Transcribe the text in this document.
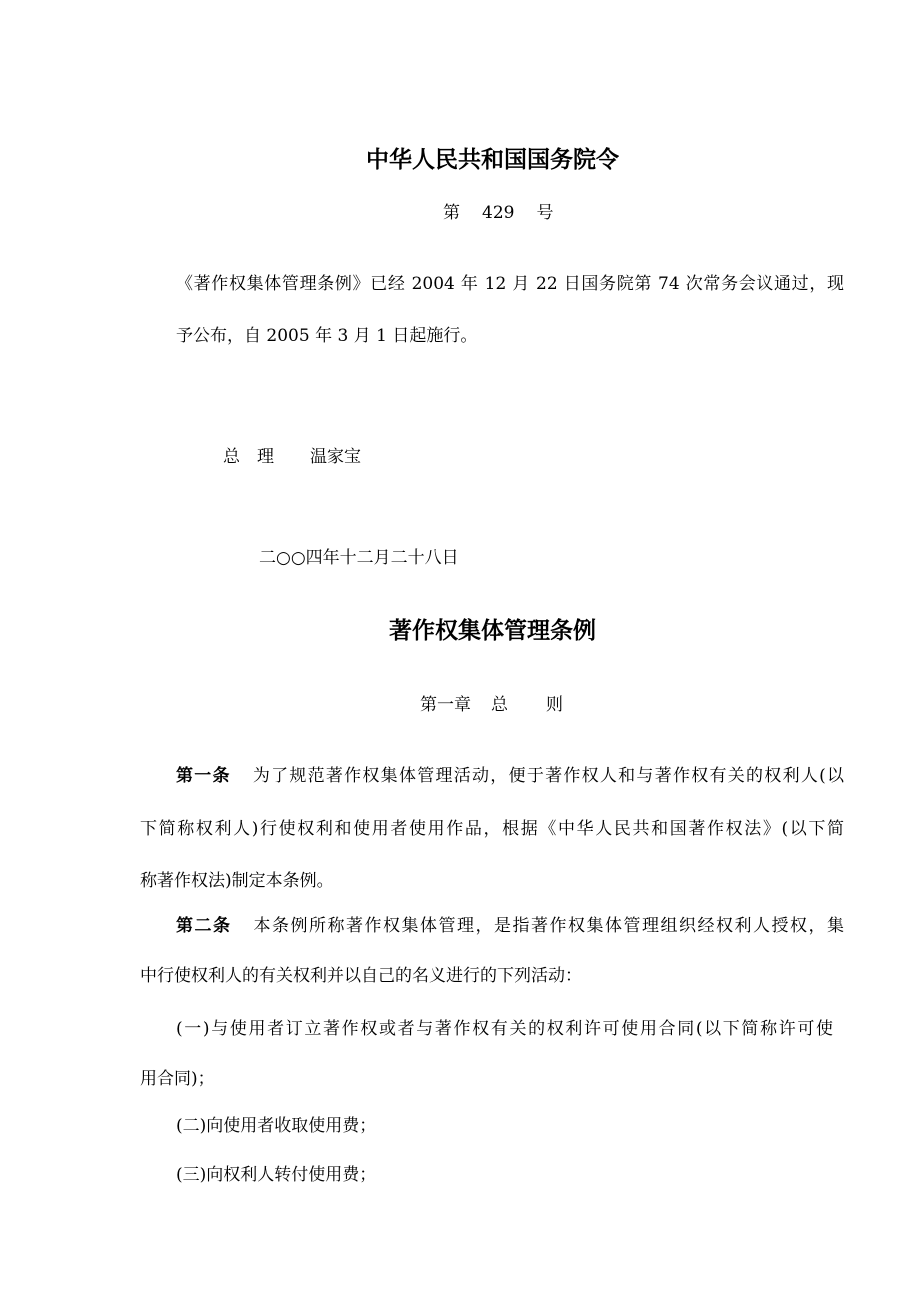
中华人民共和国国务院令
第 429 号
《著作权集体管理条例》已经 2004 年 12 月 22 日国务院第 74 次常务会议通过，现
予公布，自 2005 年 3 月 1 日起施行。
总　理 温家宝
二○○四年十二月二十八日
著作权集体管理条例
第一章 总 则
第一条 为了规范著作权集体管理活动，便于著作权人和与著作权有关的权利人(以
下简称权利人)行使权利和使用者使用作品，根据《中华人民共和国著作权法》(以下简
称著作权法)制定本条例。
第二条 本条例所称著作权集体管理，是指著作权集体管理组织经权利人授权，集
中行使权利人的有关权利并以自己的名义进行的下列活动：
(一)与使用者订立著作权或者与著作权有关的权利许可使用合同(以下简称许可使
用合同)；
(二)向使用者收取使用费；
(三)向权利人转付使用费；
